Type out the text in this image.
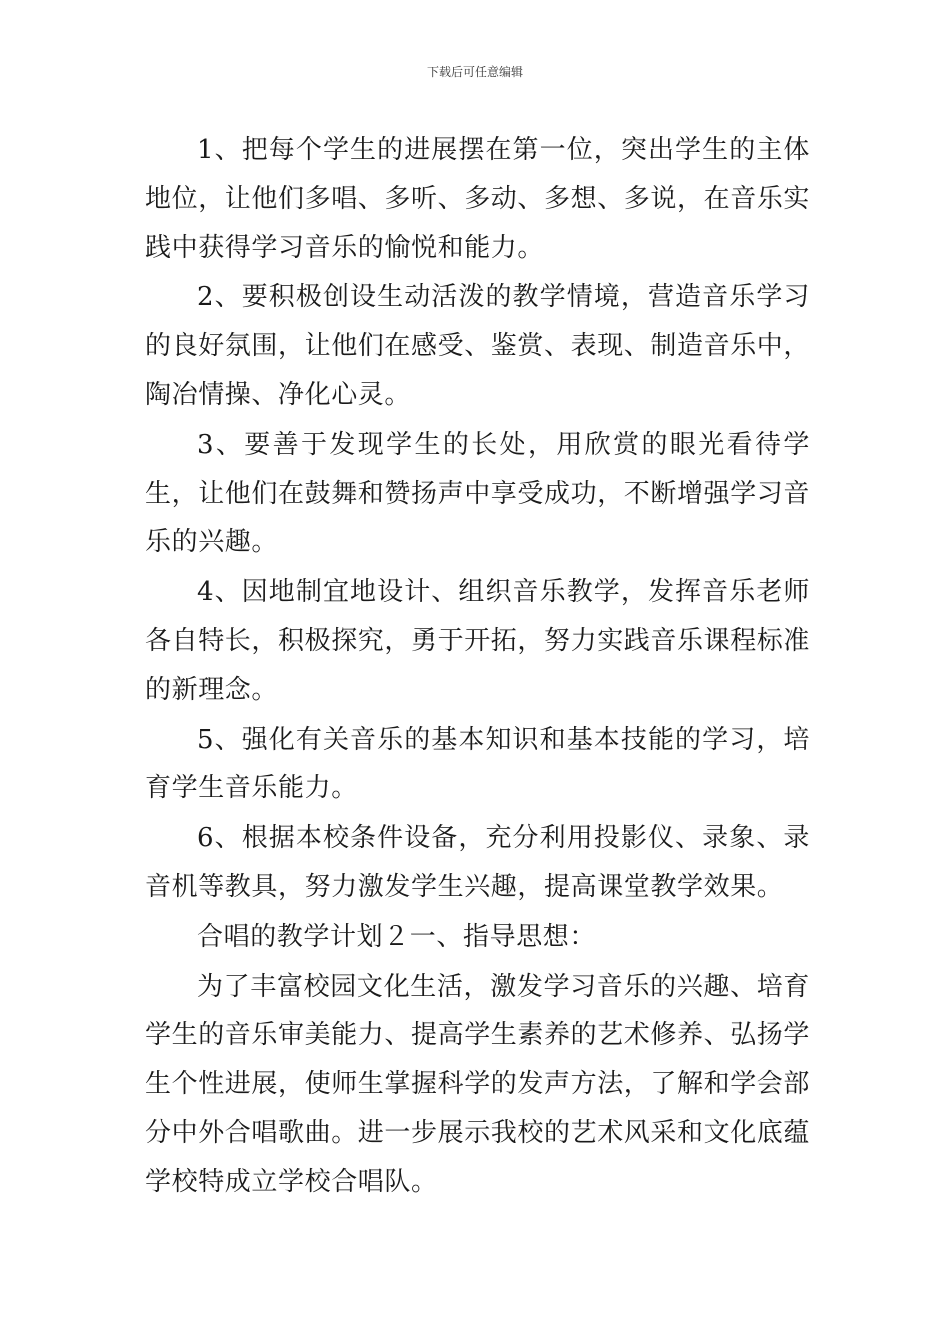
下载后可任意编辑

1、把每个学生的进展摆在第一位，突出学生的主体地位，让他们多唱、多听、多动、多想、多说，在音乐实践中获得学习音乐的愉悦和能力。

2、要积极创设生动活泼的教学情境，营造音乐学习的良好氛围，让他们在感受、鉴赏、表现、制造音乐中，陶冶情操、净化心灵。

3、要善于发现学生的长处，用欣赏的眼光看待学生，让他们在鼓舞和赞扬声中享受成功，不断增强学习音乐的兴趣。

4、因地制宜地设计、组织音乐教学，发挥音乐老师各自特长，积极探究，勇于开拓，努力实践音乐课程标准的新理念。

5、强化有关音乐的基本知识和基本技能的学习，培育学生音乐能力。

6、根据本校条件设备，充分利用投影仪、录象、录音机等教具，努力激发学生兴趣，提高课堂教学效果。

合唱的教学计划２一、指导思想：

为了丰富校园文化生活，激发学习音乐的兴趣、培育学生的音乐审美能力、提高学生素养的艺术修养、弘扬学生个性进展，使师生掌握科学的发声方法，了解和学会部分中外合唱歌曲。进一步展示我校的艺术风采和文化底蕴学校特成立学校合唱队。
